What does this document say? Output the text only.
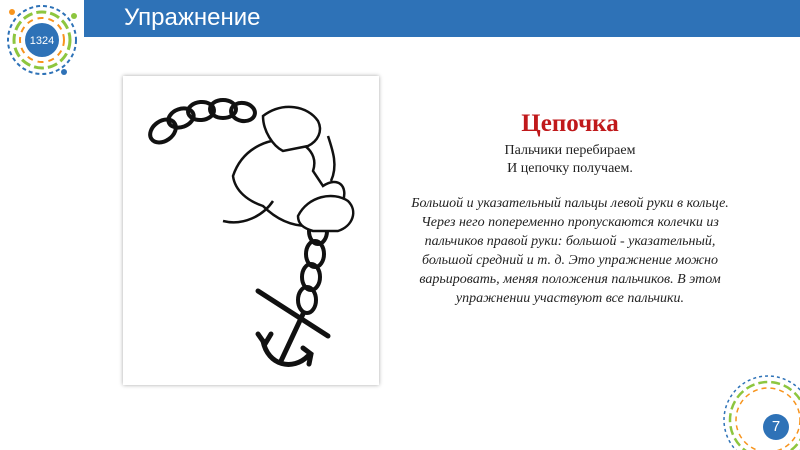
Упражнение
1324
Цепочка
Пальчики перебираем
И цепочку получаем.
Большой и указательный пальцы левой руки в кольце. Через него попеременно пропускаются колечки из пальчиков правой руки: большой - указательный, большой средний и т. д. Это упражнение можно варьировать, меняя положения пальчиков. В этом упражнении участвуют все пальчики.
7
